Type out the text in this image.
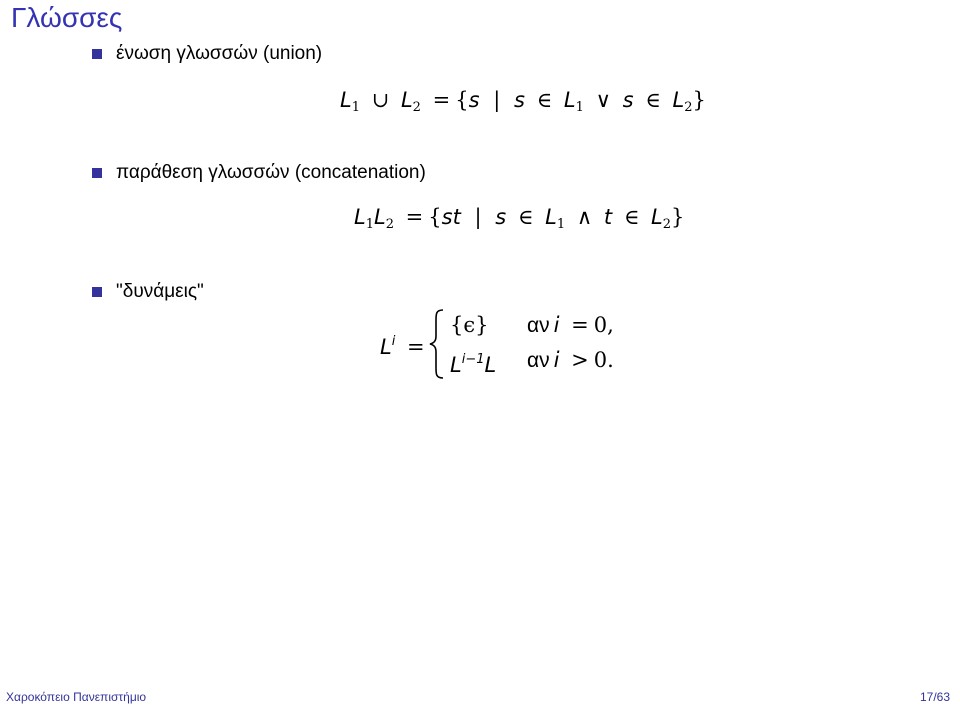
Γλώσσες
ένωση γλωσσών (union)
$L_1$ ∪ $L_2 = \{s$ | s ∈ $L_1$ ∨ s ∈ $L_2$}
παράθεση γλωσσών (concatenation)
$L_1L_2 = \{st$ | s ∈ $L_1$ ∧ t ∈ $L_2$}
"δυνάμεις"
$L^i$ =
{ϵ} αν i = 0,
$L^{i-1}L$ αν i > 0.
Χαροκόπειο Πανεπιστήμιο	17/63
